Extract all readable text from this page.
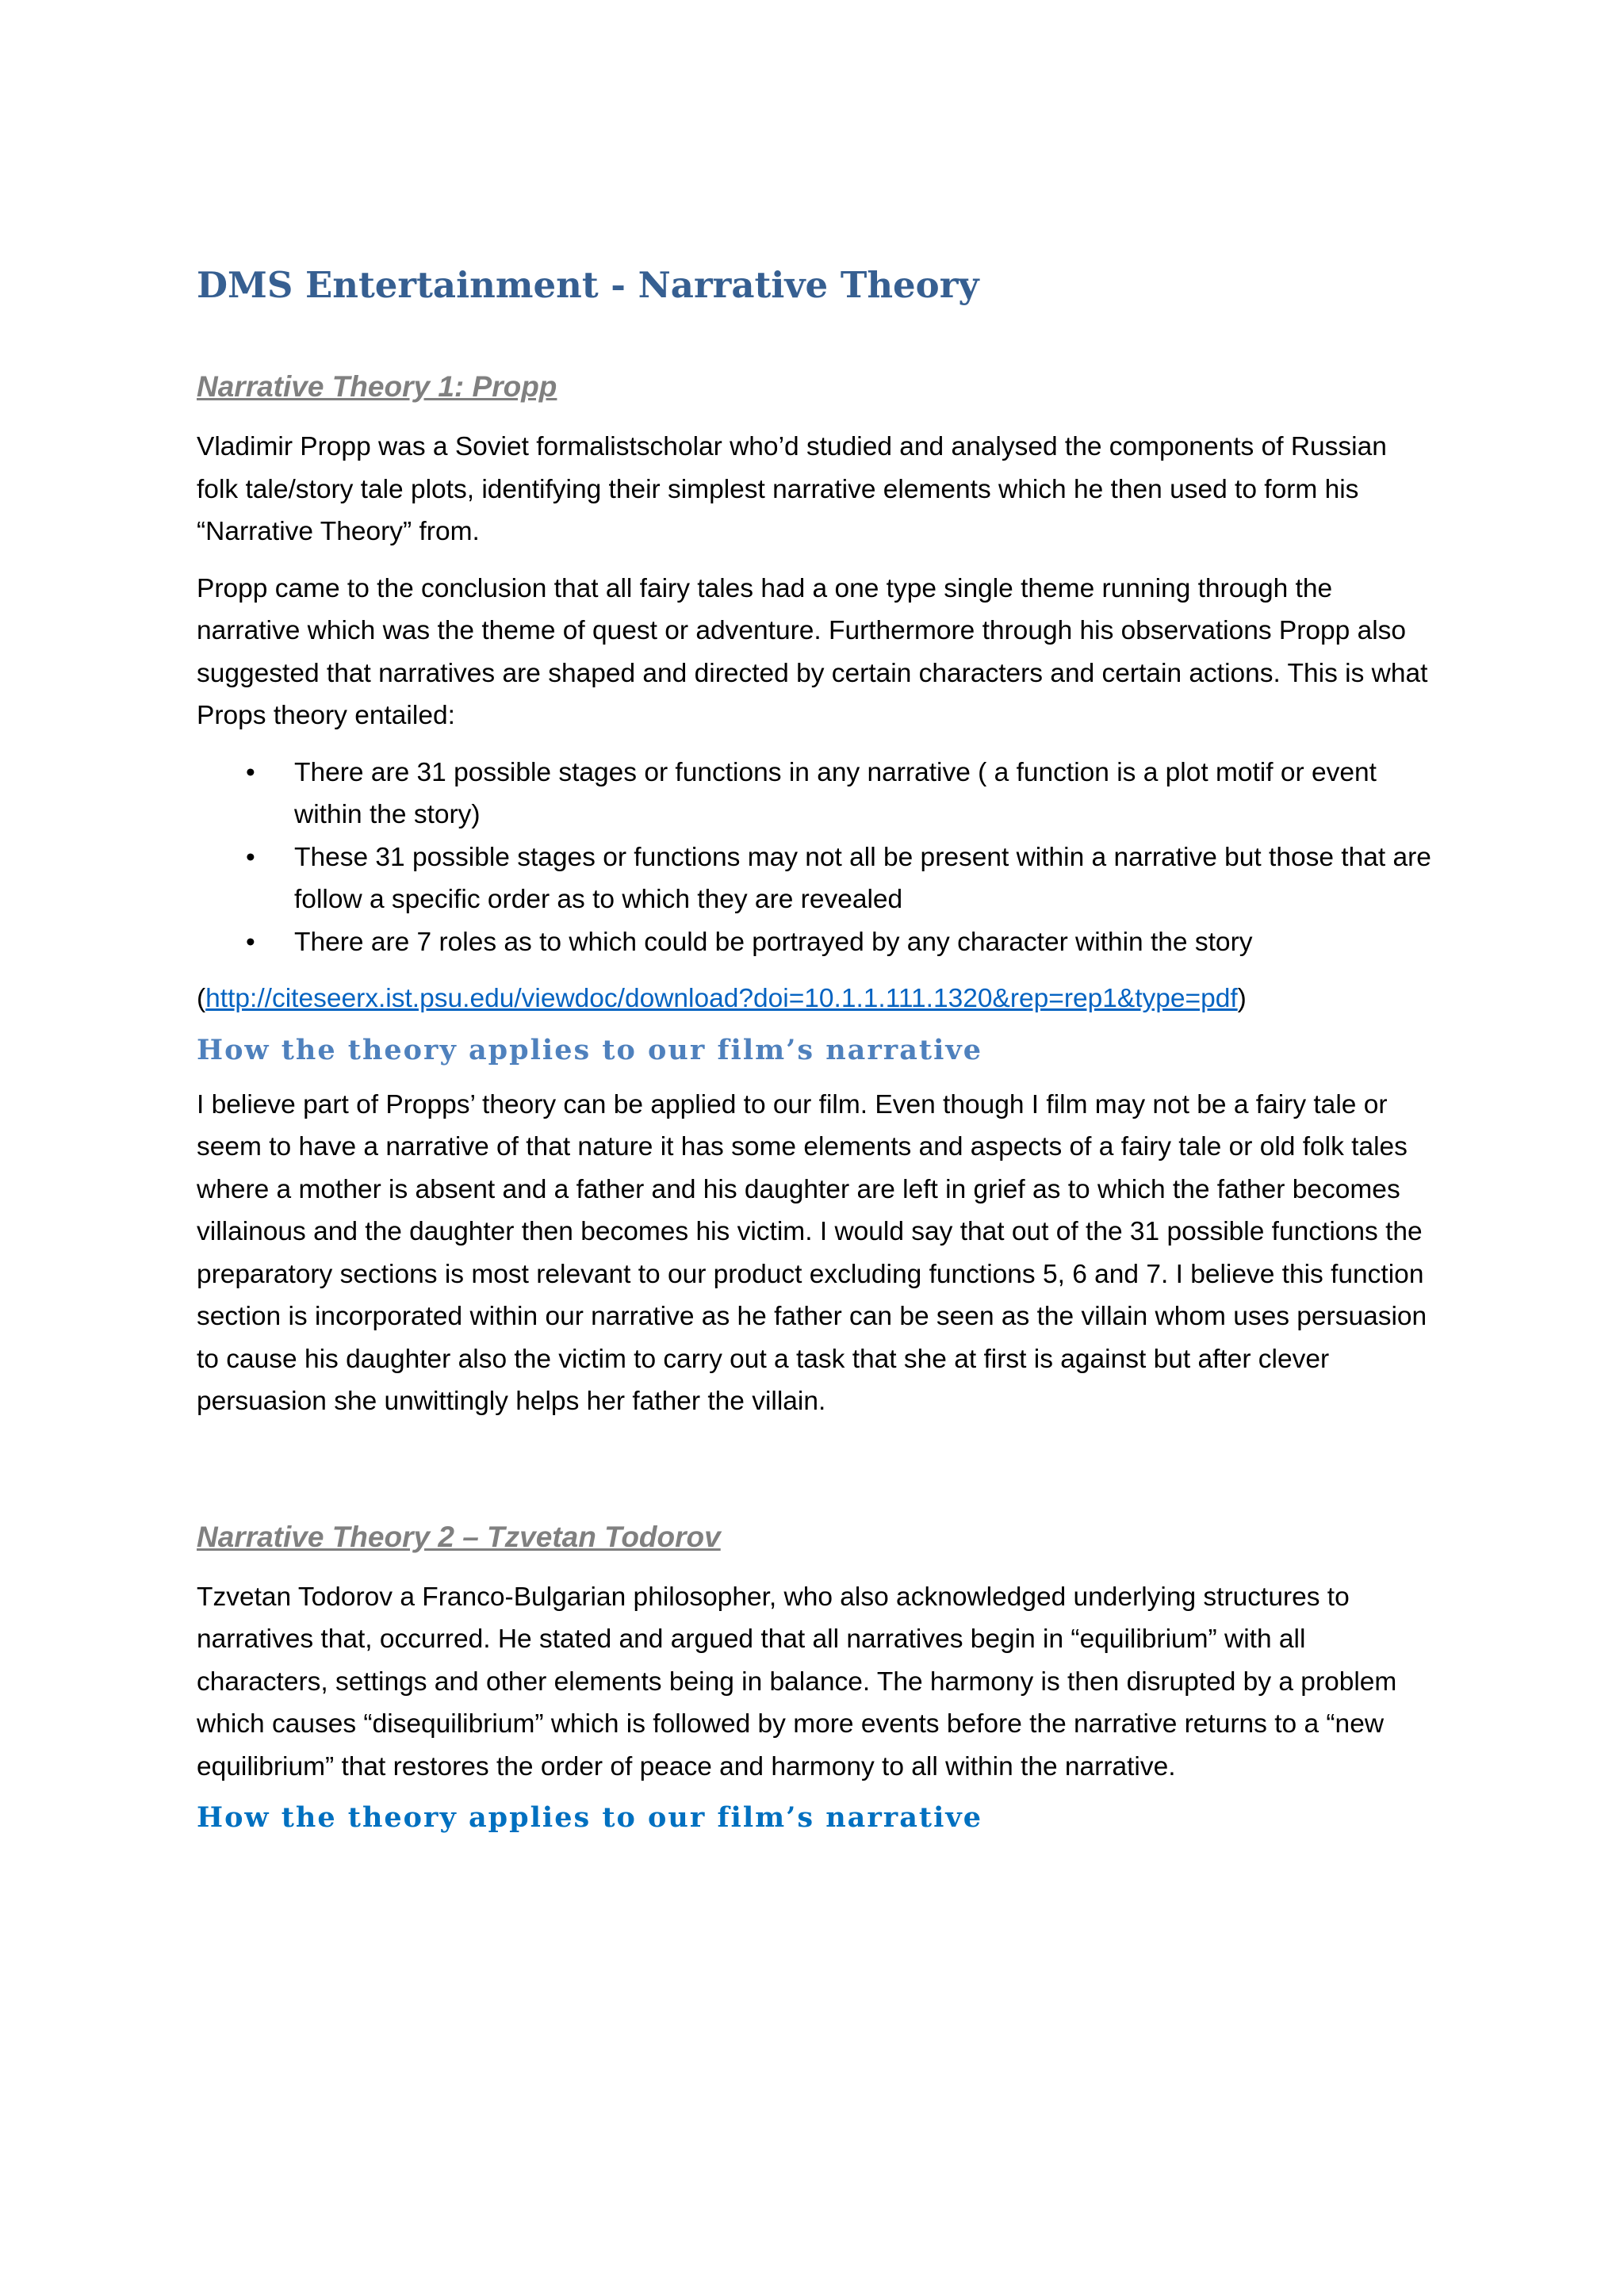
DMS Entertainment - Narrative Theory
Narrative Theory 1: Propp

Vladimir Propp was a Soviet formalistscholar who’d studied and analysed the components of Russian folk tale/story tale plots, identifying their simplest narrative elements which he then used to form his “Narrative Theory” from.

Propp came to the conclusion that all fairy tales had a one type single theme running through the narrative which was the theme of quest or adventure. Furthermore through his observations Propp also suggested that narratives are shaped and directed by certain characters and certain actions. This is what Props theory entailed:

• There are 31 possible stages or functions in any narrative ( a function is a plot motif or event within the story)
• These 31 possible stages or functions may not all be present within a narrative but those that are follow a specific order as to which they are revealed
• There are 7 roles as to which could be portrayed by any character within the story

(http://citeseerx.ist.psu.edu/viewdoc/download?doi=10.1.1.111.1320&rep=rep1&type=pdf)

How the theory applies to our film’s narrative

I believe part of Propps’ theory can be applied to our film. Even though I film may not be a fairy tale or seem to have a narrative of that nature it has some elements and aspects of a fairy tale or old folk tales where a mother is absent and a father and his daughter are left in grief as to which the father becomes villainous and the daughter then becomes his victim. I would say that out of the 31 possible functions the preparatory sections is most relevant to our product excluding functions 5, 6 and 7. I believe this function section is incorporated within our narrative as he father can be seen as the villain whom uses persuasion to cause his daughter also the victim to carry out a task that she at first is against but after clever persuasion she unwittingly helps her father the villain.

Narrative Theory 2 – Tzvetan Todorov

Tzvetan Todorov a Franco-Bulgarian philosopher, who also acknowledged underlying structures to narratives that, occurred. He stated and argued that all narratives begin in “equilibrium” with all characters, settings and other elements being in balance. The harmony is then disrupted by a problem which causes “disequilibrium” which is followed by more events before the narrative returns to a “new equilibrium” that restores the order of peace and harmony to all within the narrative.

How the theory applies to our film’s narrative
